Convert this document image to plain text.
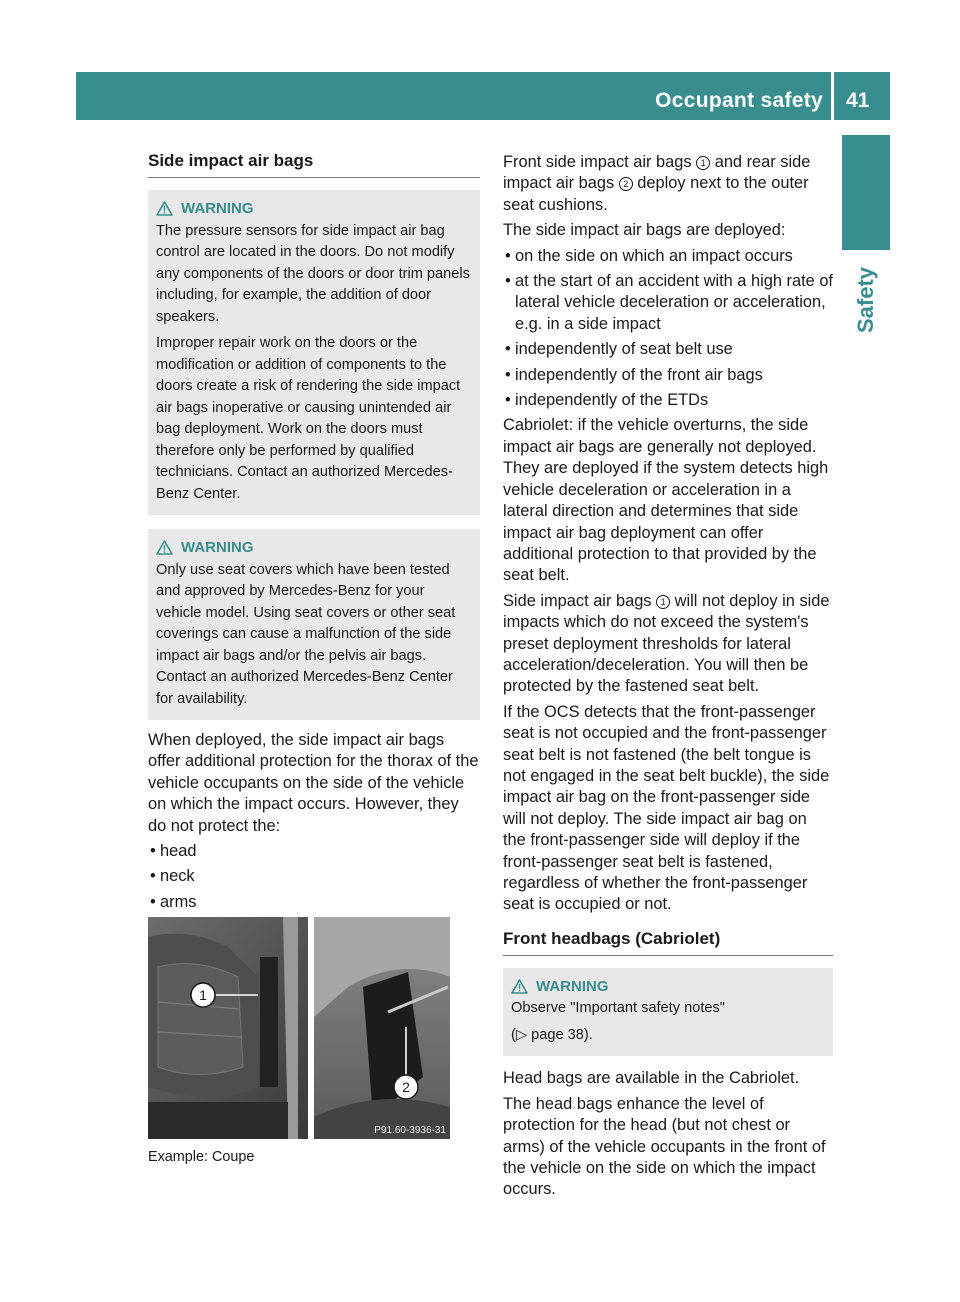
Occupant safety 41
Safety
Side impact air bags
WARNING

The pressure sensors for side impact air bag control are located in the doors. Do not modify any components of the doors or door trim panels including, for example, the addition of door speakers.

Improper repair work on the doors or the modification or addition of components to the doors create a risk of rendering the side impact air bags inoperative or causing unintended air bag deployment. Work on the doors must therefore only be performed by qualified technicians. Contact an authorized Mercedes-Benz Center.

WARNING

Only use seat covers which have been tested and approved by Mercedes-Benz for your vehicle model. Using seat covers or other seat coverings can cause a malfunction of the side impact air bags and/or the pelvis air bags. Contact an authorized Mercedes-Benz Center for availability.

When deployed, the side impact air bags offer additional protection for the thorax of the vehicle occupants on the side of the vehicle on which the impact occurs. However, they do not protect the:

• head
• neck
• arms
1
2
P91.60-3936-31
Example: Coupe

Front side impact air bags 1 and rear side impact air bags 2 deploy next to the outer seat cushions.

The side impact air bags are deployed:

• on the side on which an impact occurs
• at the start of an accident with a high rate of lateral vehicle deceleration or acceleration, e.g. in a side impact
• independently of seat belt use
• independently of the front air bags
• independently of the ETDs

Cabriolet: if the vehicle overturns, the side impact air bags are generally not deployed. They are deployed if the system detects high vehicle deceleration or acceleration in a lateral direction and determines that side impact air bag deployment can offer additional protection to that provided by the seat belt.

Side impact air bags 1 will not deploy in side impacts which do not exceed the system's preset deployment thresholds for lateral acceleration/deceleration. You will then be protected by the fastened seat belt.

If the OCS detects that the front-passenger seat is not occupied and the front-passenger seat belt is not fastened (the belt tongue is not engaged in the seat belt buckle), the side impact air bag on the front-passenger side will not deploy. The side impact air bag on the front-passenger side will deploy if the front-passenger seat belt is fastened, regardless of whether the front-passenger seat is occupied or not.

Front headbags (Cabriolet)
WARNING

Observe "Important safety notes"

(▷ page 38).

Head bags are available in the Cabriolet.

The head bags enhance the level of protection for the head (but not chest or arms) of the vehicle occupants in the front of the vehicle on the side on which the impact occurs.
